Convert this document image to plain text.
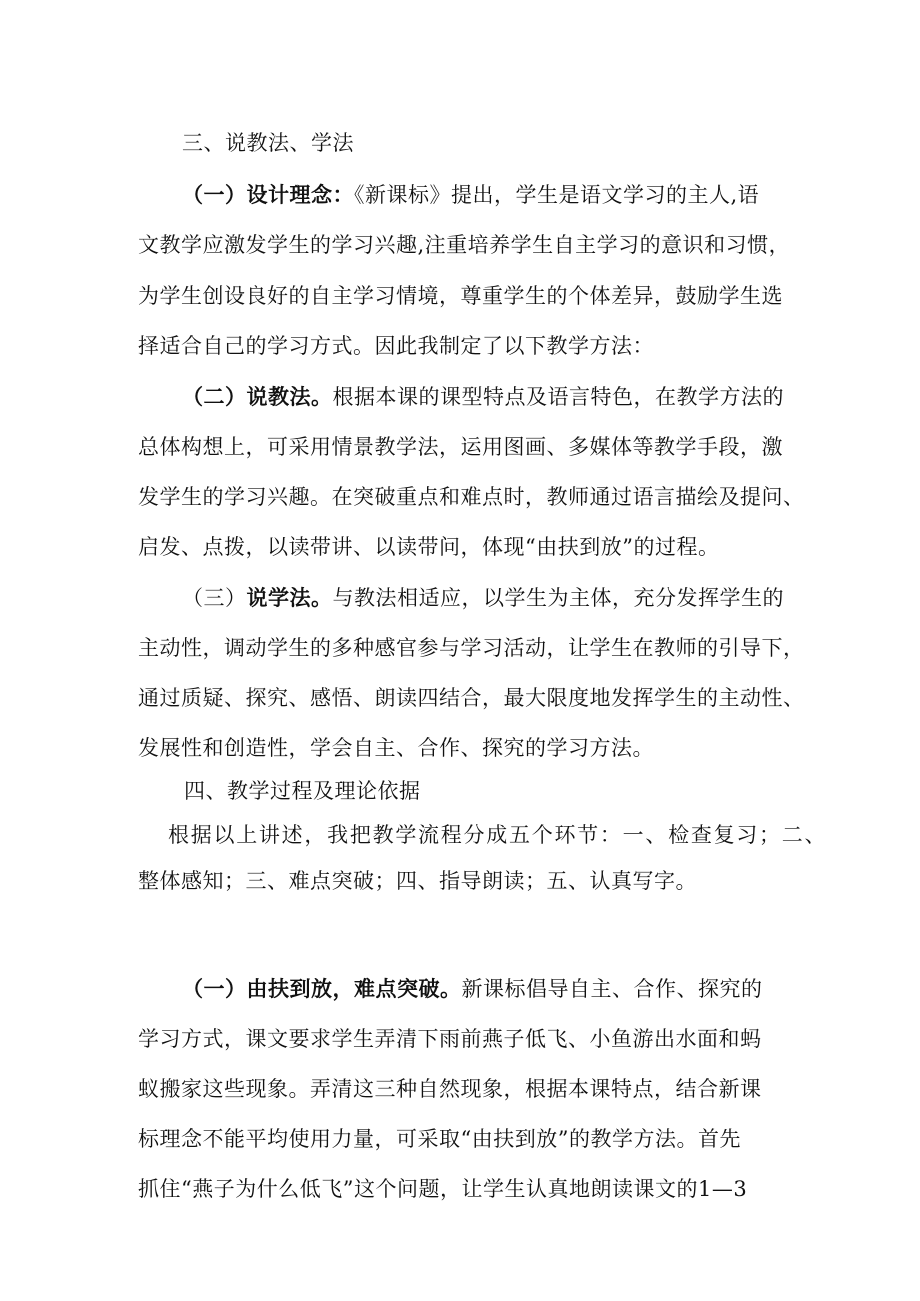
三、说教法、学法
（一）设计理念：《新课标》提出，学生是语文学习的主人,语
文教学应激发学生的学习兴趣,注重培养学生自主学习的意识和习惯，
为学生创设良好的自主学习情境，尊重学生的个体差异，鼓励学生选
择适合自己的学习方式。因此我制定了以下教学方法：
（二）说教法。根据本课的课型特点及语言特色，在教学方法的
总体构想上，可采用情景教学法，运用图画、多媒体等教学手段，激
发学生的学习兴趣。在突破重点和难点时，教师通过语言描绘及提问、
启发、点拨，以读带讲、以读带问，体现“由扶到放”的过程。
（三）说学法。与教法相适应，以学生为主体，充分发挥学生的
主动性，调动学生的多种感官参与学习活动，让学生在教师的引导下，
通过质疑、探究、感悟、朗读四结合，最大限度地发挥学生的主动性、
发展性和创造性，学会自主、合作、探究的学习方法。
四、教学过程及理论依据
根据以上讲述，我把教学流程分成五个环节：一、检查复习；二、
整体感知；三、难点突破；四、指导朗读；五、认真写字。
（一）由扶到放，难点突破。新课标倡导自主、合作、探究的
学习方式，课文要求学生弄清下雨前燕子低飞、小鱼游出水面和蚂
蚁搬家这些现象。弄清这三种自然现象，根据本课特点，结合新课
标理念不能平均使用力量，可采取“由扶到放”的教学方法。首先
抓住“燕子为什么低飞”这个问题，让学生认真地朗读课文的1—3
